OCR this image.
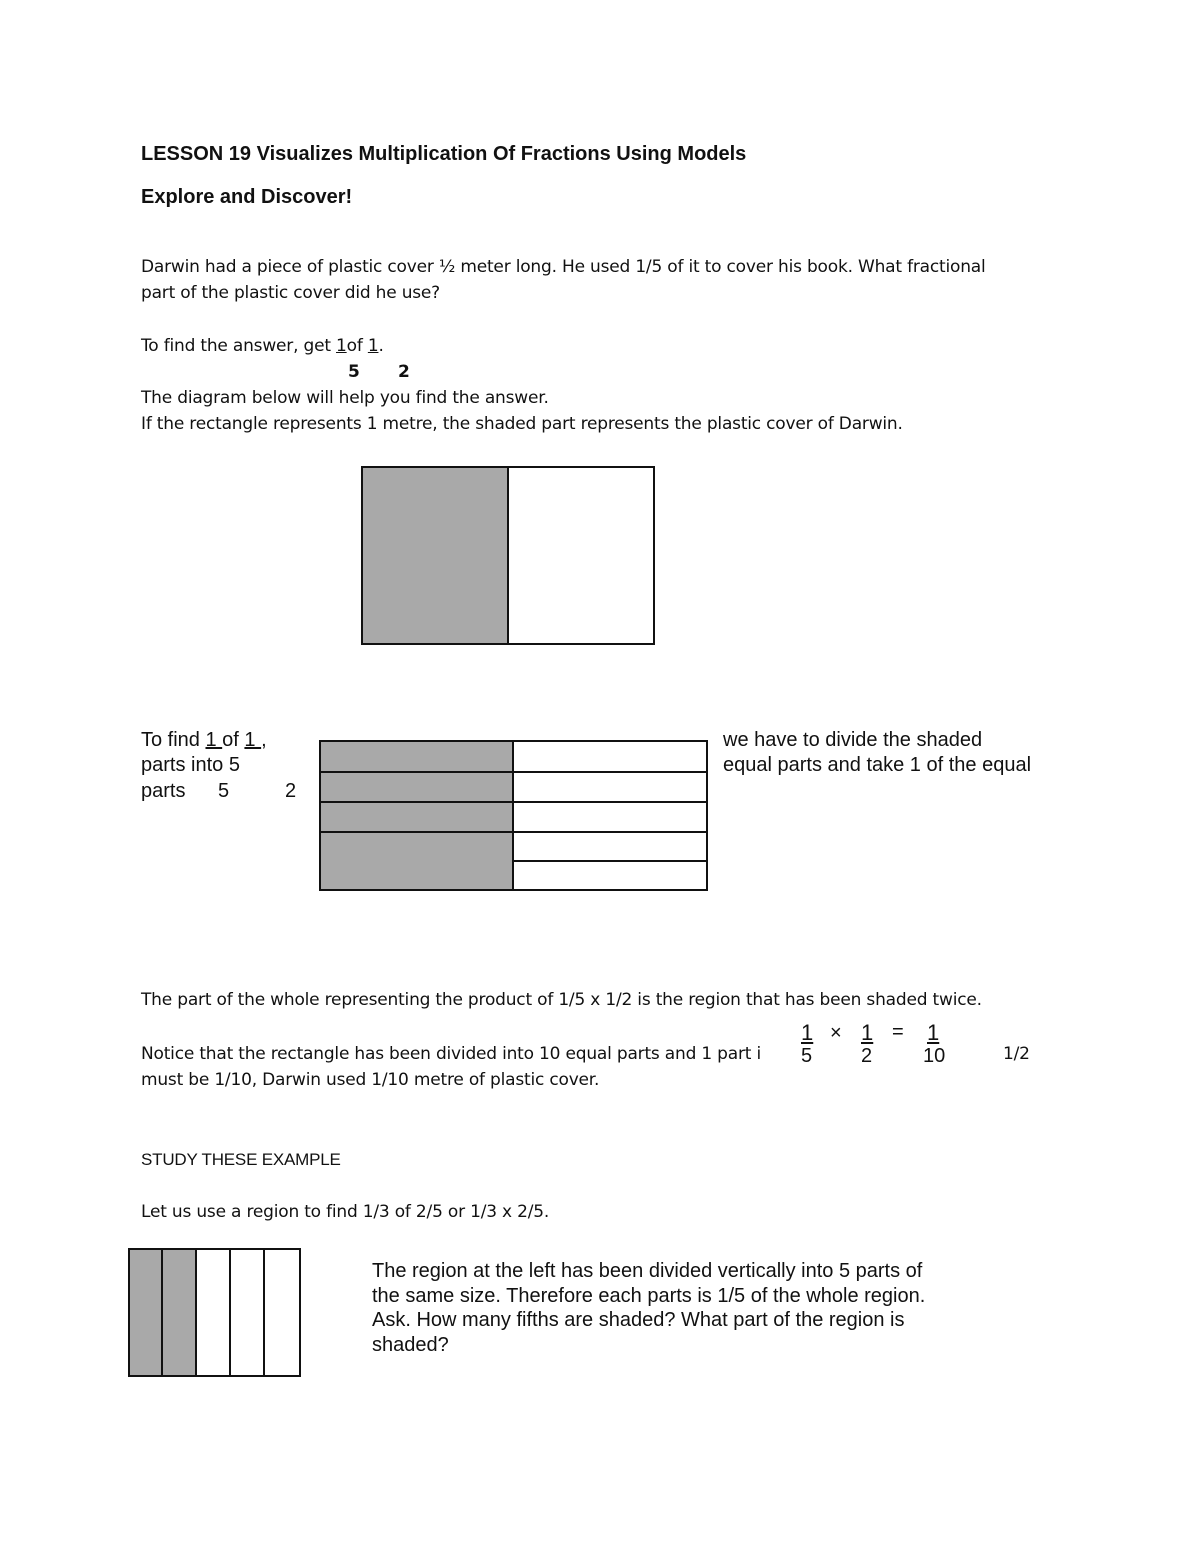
LESSON 19 Visualizes Multiplication Of Fractions Using Models
Explore and Discover!
Darwin had a piece of plastic cover ½ meter long. He used 1/5 of it to cover his book. What fractional
part of the plastic cover did he use?
To find the answer, get 1of 1.
5 2
The diagram below will help you find the answer.
If the rectangle represents 1 metre, the shaded part represents the plastic cover of Darwin.
To find 1 of 1 ,
parts into 5
parts 5	2
we have to divide the shaded
equal parts and take 1 of the equal
The part of the whole representing the product of 1/5 x 1/2 is the region that has been shaded twice.
1 × 1 = 1
5 2	10
Notice that the rectangle has been divided into 10 equal parts and 1 part i	1/2
must be 1/10, Darwin used 1/10 metre of plastic cover.
STUDY THESE EXAMPLE
Let us use a region to find 1/3 of 2/5 or 1/3 x 2/5.
The region at the left has been divided vertically into 5 parts of
the same size. Therefore each parts is 1/5 of the whole region.
Ask. How many fifths are shaded? What part of the region is
shaded?
